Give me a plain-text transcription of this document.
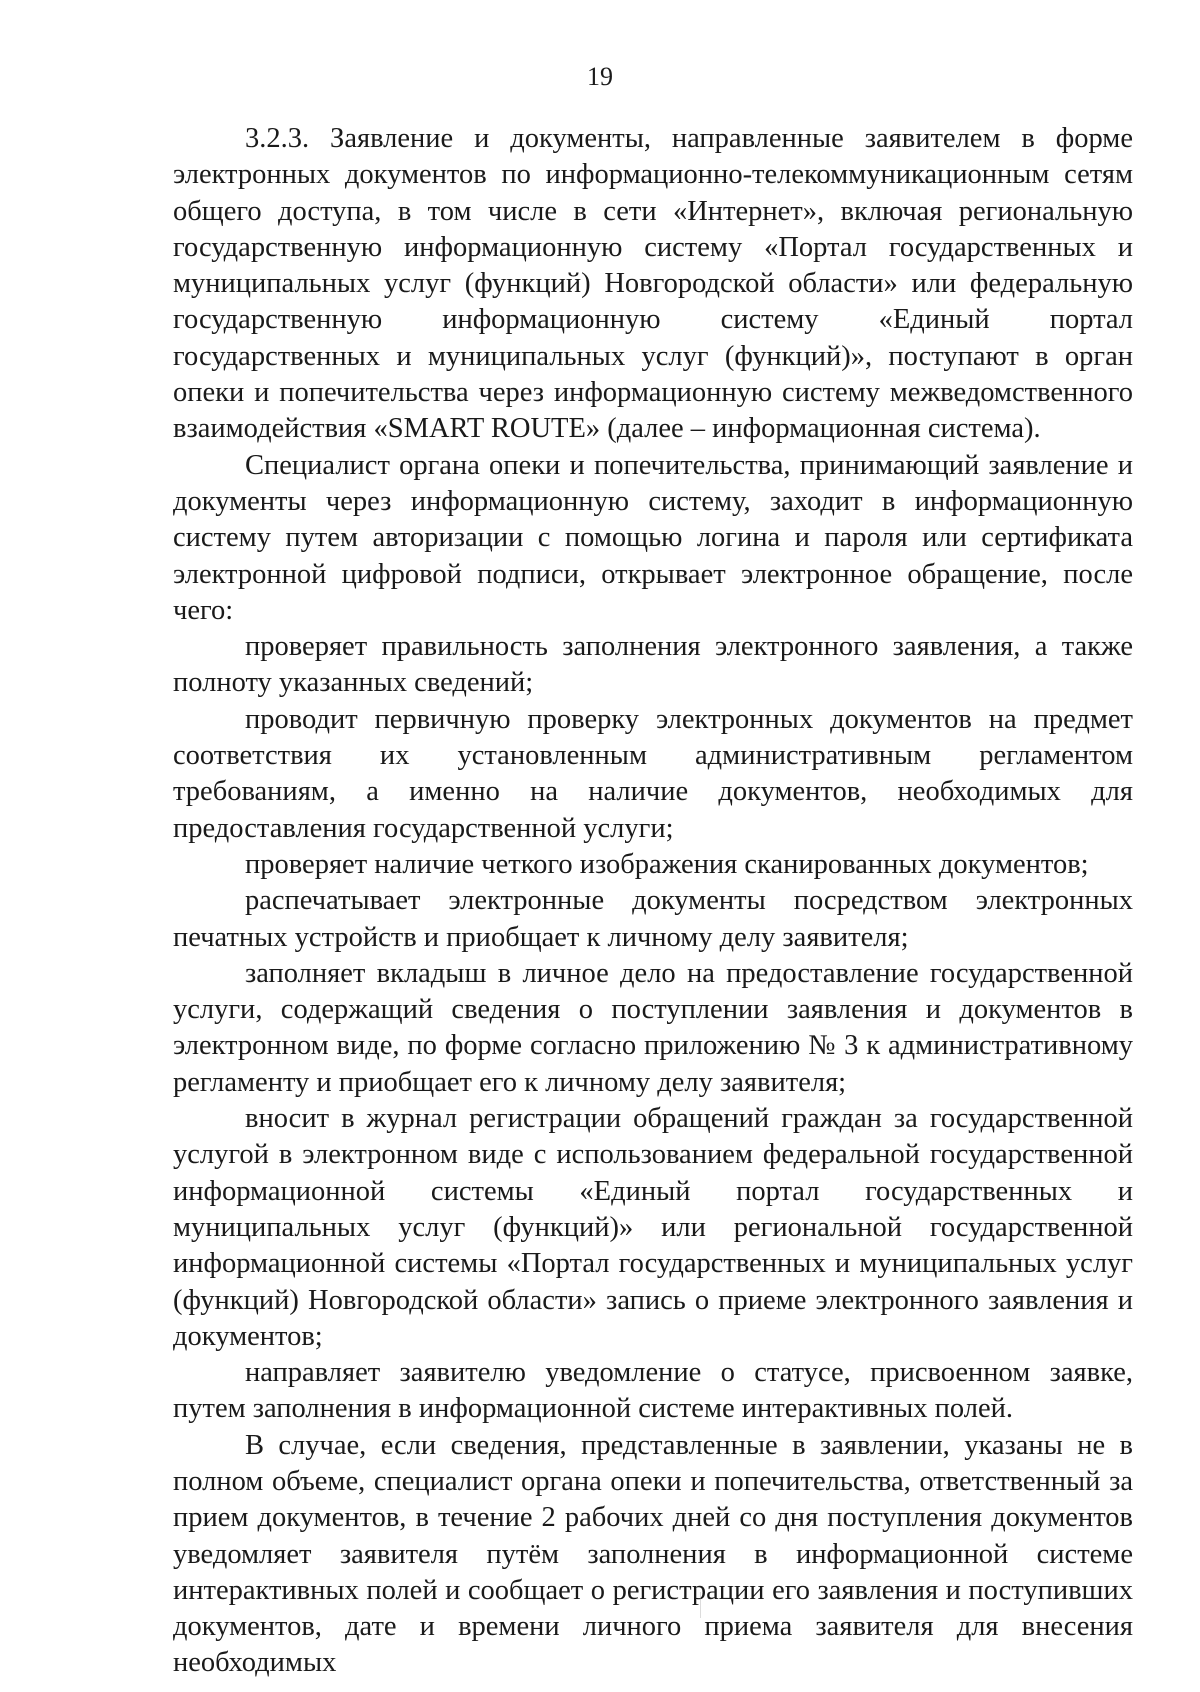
19

3.2.3. Заявление и документы, направленные заявителем в форме электронных документов по информационно-телекоммуникационным сетям общего доступа, в том числе в сети «Интернет», включая региональную государственную информационную систему «Портал государственных и муниципальных услуг (функций) Новгородской области» или федеральную государственную информационную систему «Единый портал государственных и муниципальных услуг (функций)», поступают в орган опеки и попечительства через информационную систему межведомственного взаимодействия «SMART ROUTE» (далее – информационная система).

Специалист органа опеки и попечительства, принимающий заявление и документы через информационную систему, заходит в информационную систему путем авторизации с помощью логина и пароля или сертификата электронной цифровой подписи, открывает электронное обращение, после чего:

проверяет правильность заполнения электронного заявления, а также полноту указанных сведений;

проводит первичную проверку электронных документов на предмет соответствия их установленным административным регламентом требованиям, а именно на наличие документов, необходимых для предоставления государственной услуги;

проверяет наличие четкого изображения сканированных документов;

распечатывает электронные документы посредством электронных печатных устройств и приобщает к личному делу заявителя;

заполняет вкладыш в личное дело на предоставление государственной услуги, содержащий сведения о поступлении заявления и документов в электронном виде, по форме согласно приложению № 3 к административному регламенту и приобщает его к личному делу заявителя;

вносит в журнал регистрации обращений граждан за государственной услугой в электронном виде с использованием федеральной государственной информационной системы «Единый портал государственных и муниципальных услуг (функций)» или региональной государственной информационной системы «Портал государственных и муниципальных услуг (функций) Новгородской области» запись о приеме электронного заявления и документов;

направляет заявителю уведомление о статусе, присвоенном заявке, путем заполнения в информационной системе интерактивных полей.

В случае, если сведения, представленные в заявлении, указаны не в полном объеме, специалист органа опеки и попечительства, ответственный за прием документов, в течение 2 рабочих дней со дня поступления документов уведомляет заявителя путём заполнения в информационной системе интерактивных полей и сообщает о регистрации его заявления и поступивших документов, дате и времени личного приема заявителя для внесения необходимых
